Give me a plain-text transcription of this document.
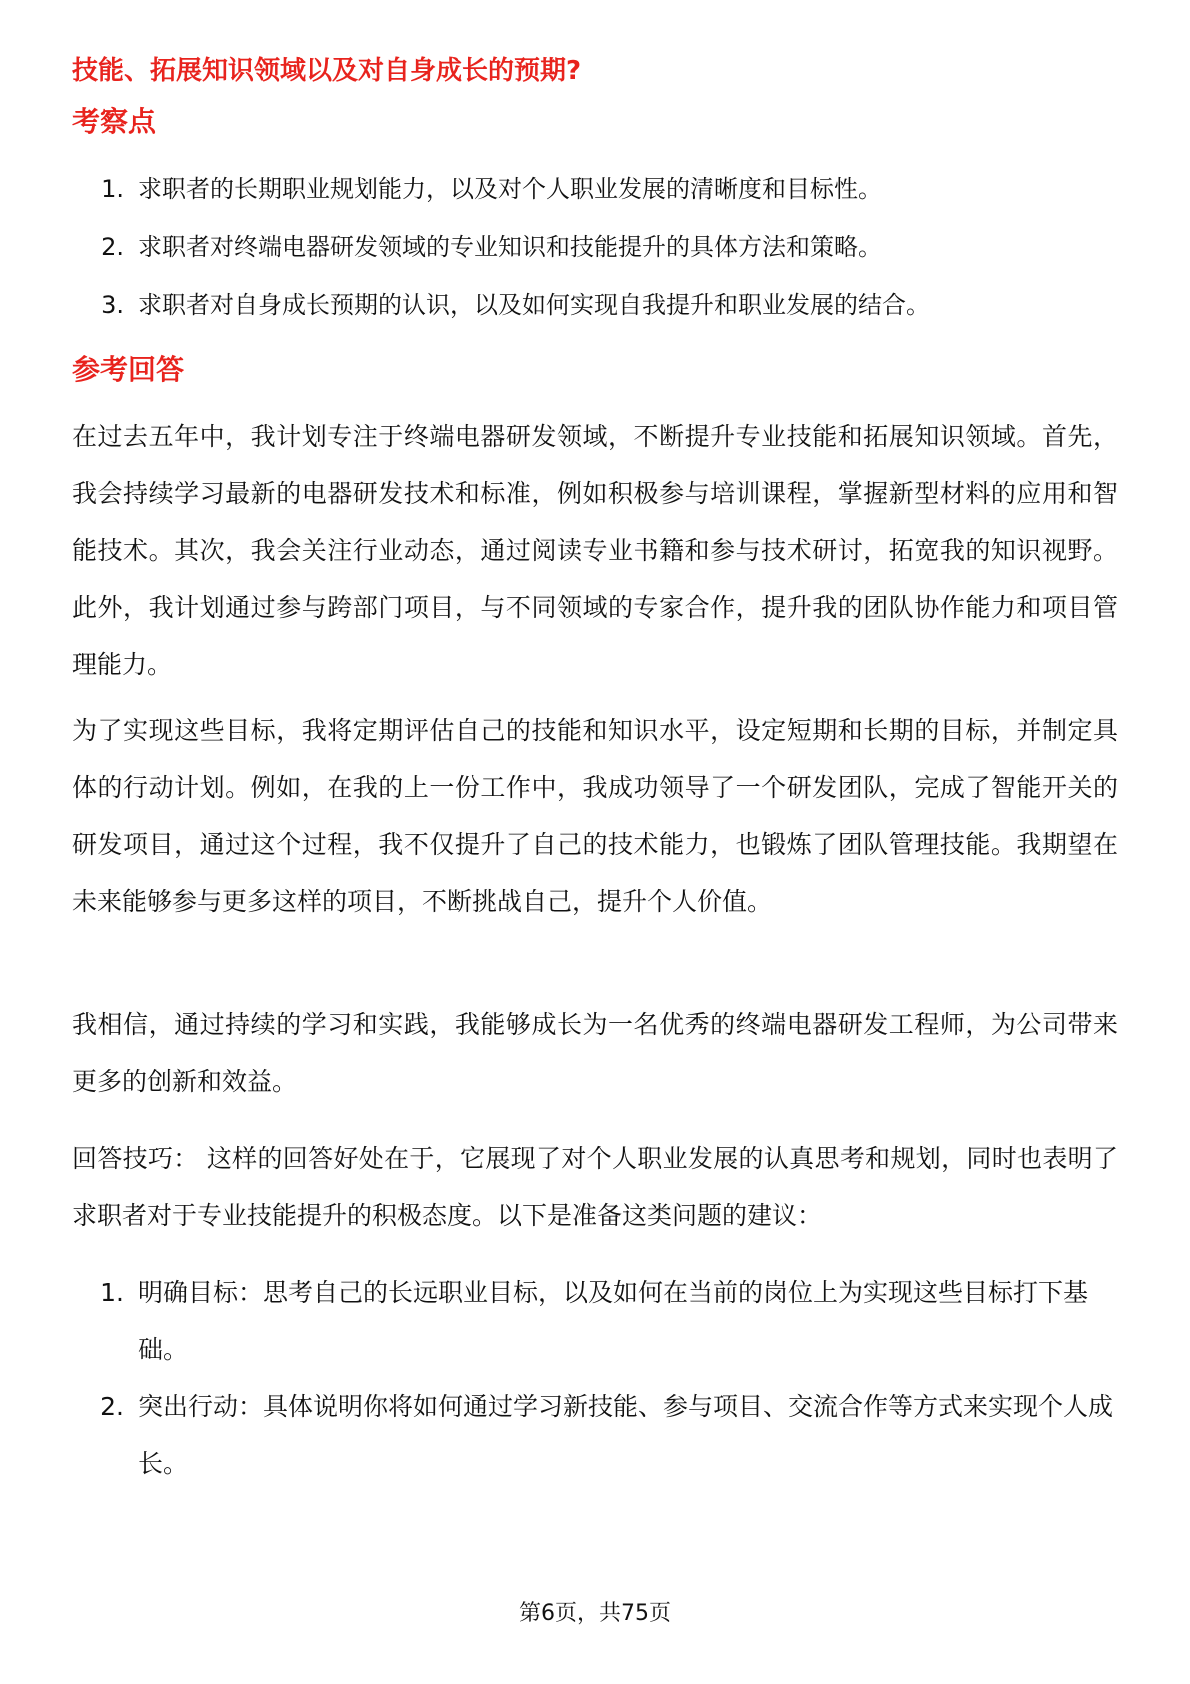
技能、拓展知识领域以及对自身成长的预期?
考察点
1. 求职者的长期职业规划能力，以及对个人职业发展的清晰度和目标性。
2. 求职者对终端电器研发领域的专业知识和技能提升的具体方法和策略。
3. 求职者对自身成长预期的认识，以及如何实现自我提升和职业发展的结合。
参考回答

在过去五年中，我计划专注于终端电器研发领域，不断提升专业技能和拓展知识领域。首先，我会持续学习最新的电器研发技术和标准，例如积极参与培训课程，掌握新型材料的应用和智能技术。其次，我会关注行业动态，通过阅读专业书籍和参与技术研讨，拓宽我的知识视野。此外，我计划通过参与跨部门项目，与不同领域的专家合作，提升我的团队协作能力和项目管理能力。

为了实现这些目标，我将定期评估自己的技能和知识水平，设定短期和长期的目标，并制定具体的行动计划。例如，在我的上一份工作中，我成功领导了一个研发团队，完成了智能开关的研发项目，通过这个过程，我不仅提升了自己的技术能力，也锻炼了团队管理技能。我期望在未来能够参与更多这样的项目，不断挑战自己，提升个人价值。

我相信，通过持续的学习和实践，我能够成长为一名优秀的终端电器研发工程师，为公司带来更多的创新和效益。

回答技巧： 这样的回答好处在于，它展现了对个人职业发展的认真思考和规划，同时也表明了求职者对于专业技能提升的积极态度。以下是准备这类问题的建议：

1. 明确目标：思考自己的长远职业目标，以及如何在当前的岗位上为实现这些目标打下基础。
2. 突出行动：具体说明你将如何通过学习新技能、参与项目、交流合作等方式来实现个人成长。
第6页，共75页
